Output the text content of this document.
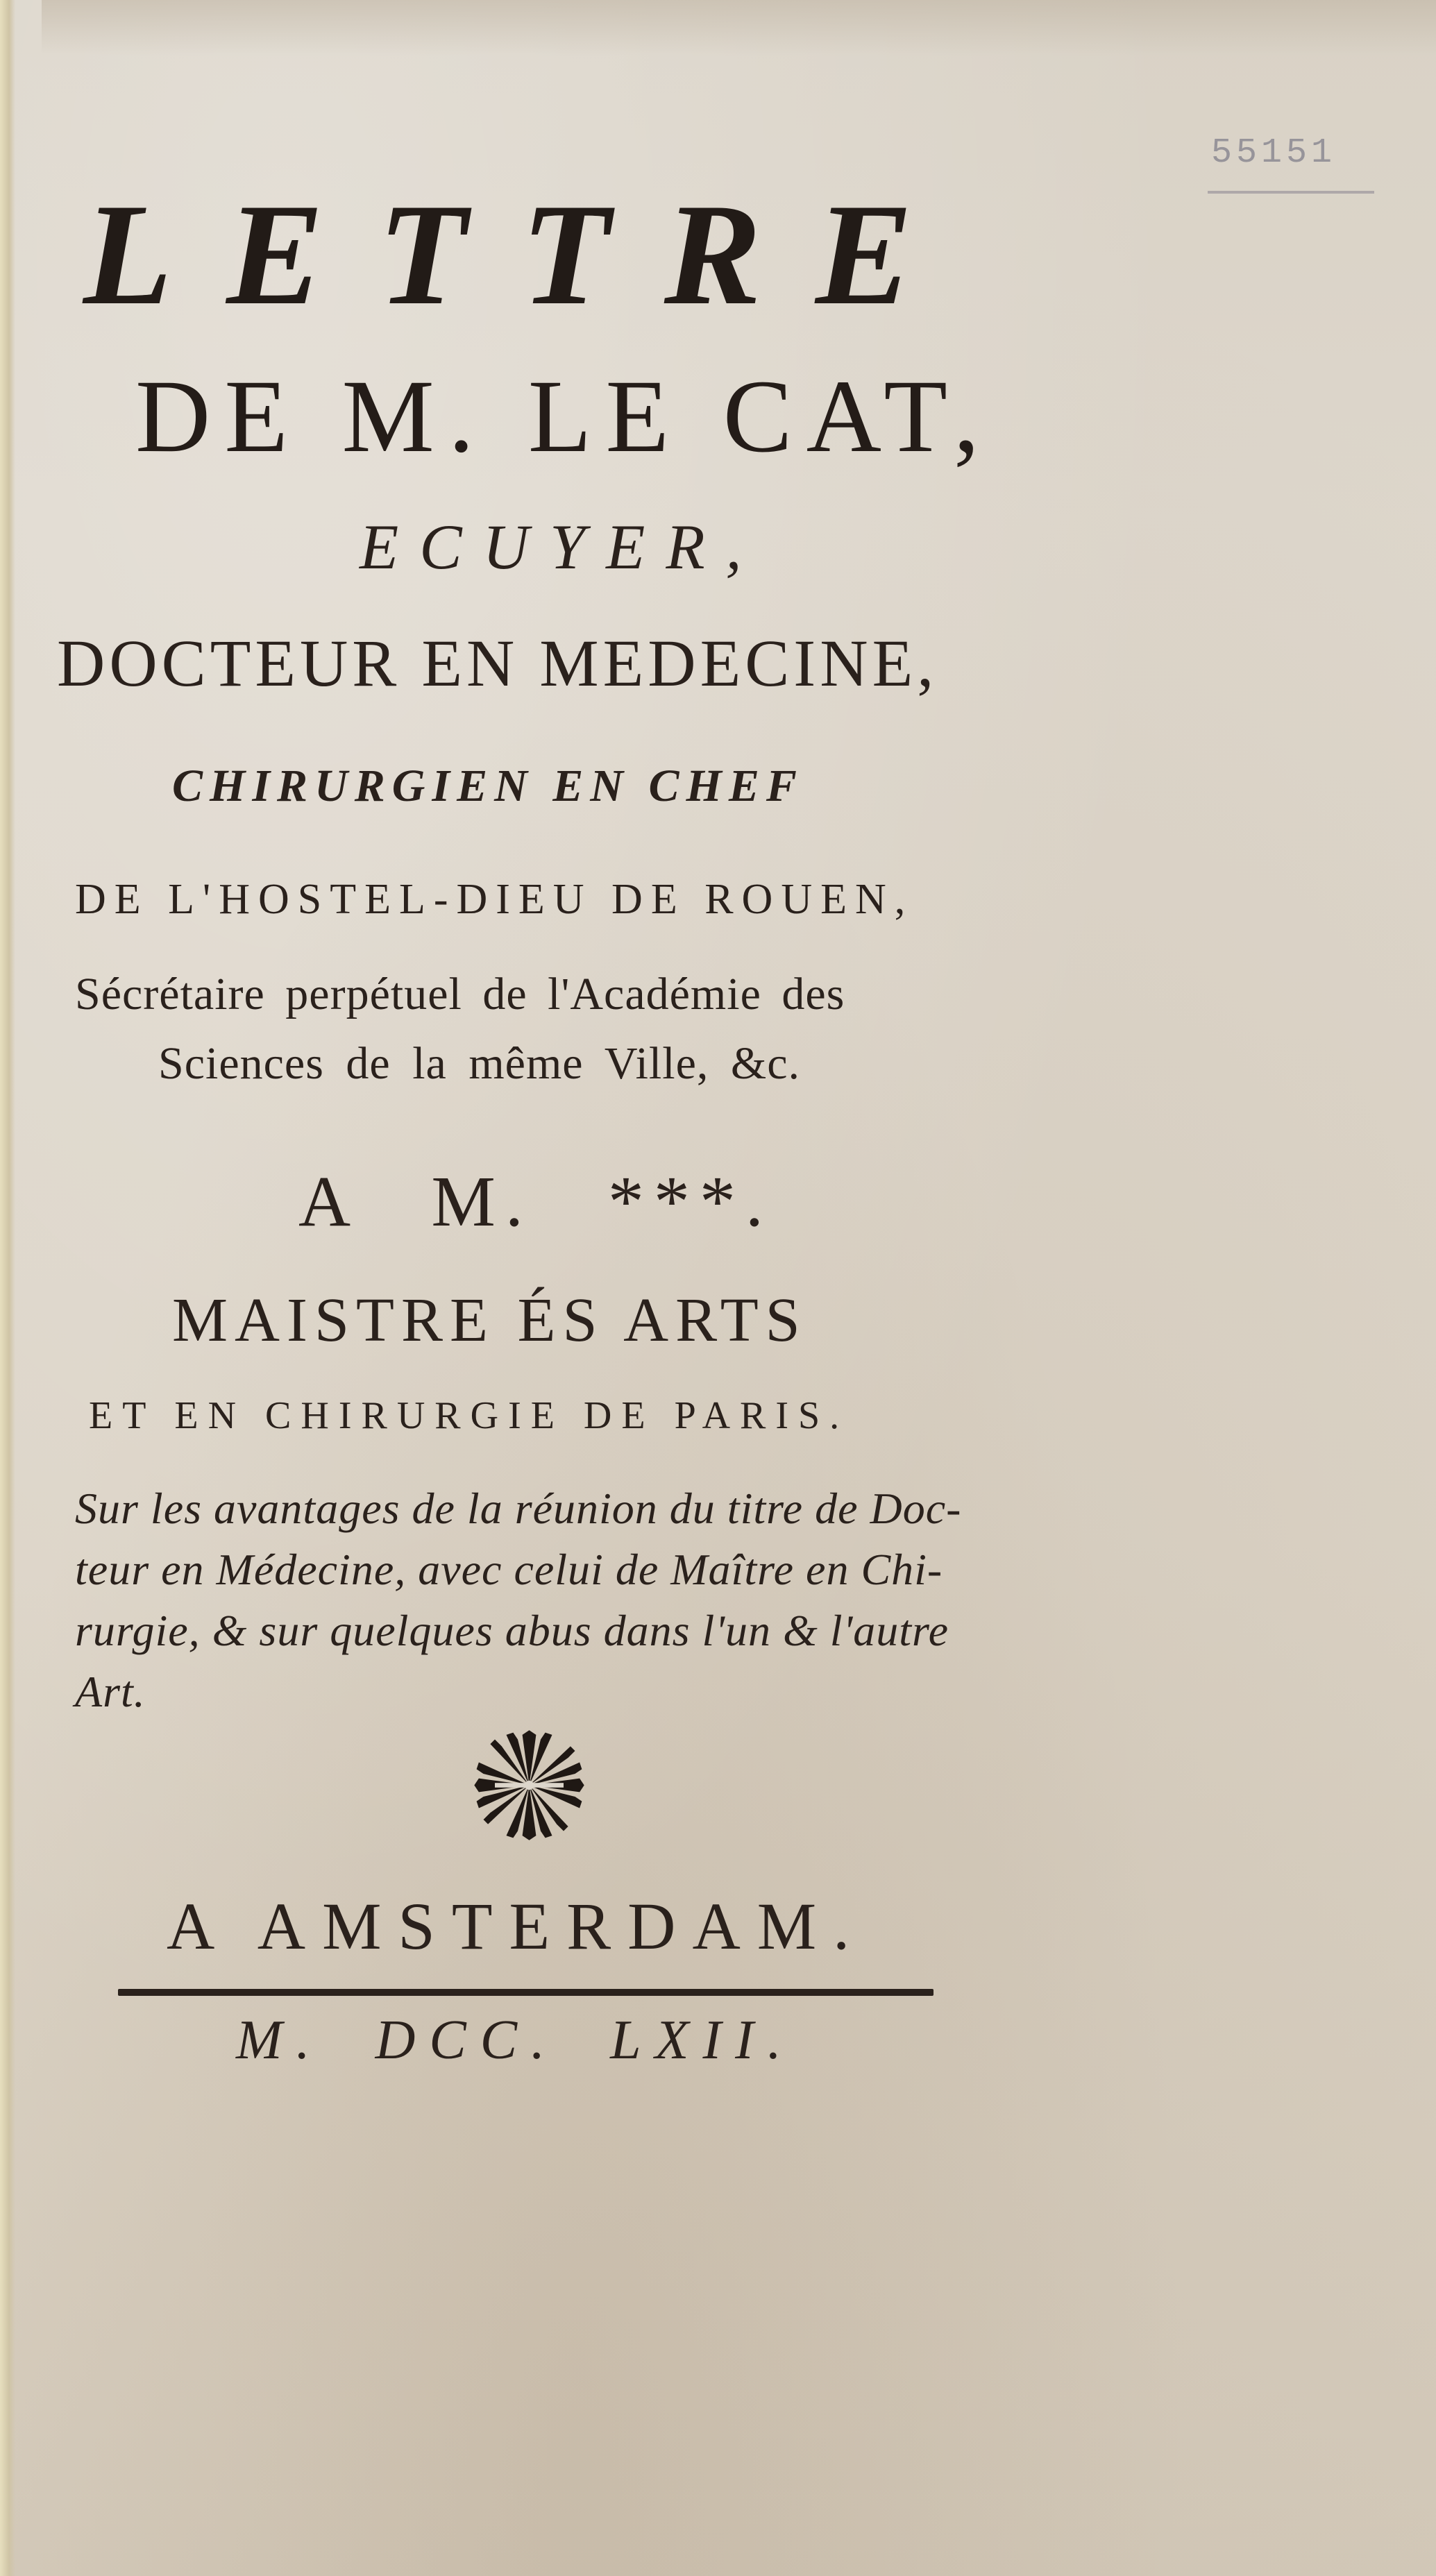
55151
LETTRE
DE M. LE CAT,
ECUYER,
DOCTEUR EN MEDECINE,
CHIRURGIEN EN CHEF
DE L'HOSTEL-DIEU DE ROUEN,
Sécrétaire perpétuel de l'Académie des
Sciences de la même Ville, &c.
A M. ***.
MAISTRE ÉS ARTS
ET EN CHIRURGIE DE PARIS.
Sur les avantages de la réunion du titre de Doc-
teur en Médecine, avec celui de Maître en Chi-
rurgie, & sur quelques abus dans l'un & l'autre
Art.
A AMSTERDAM.
M. DCC. LXII.
